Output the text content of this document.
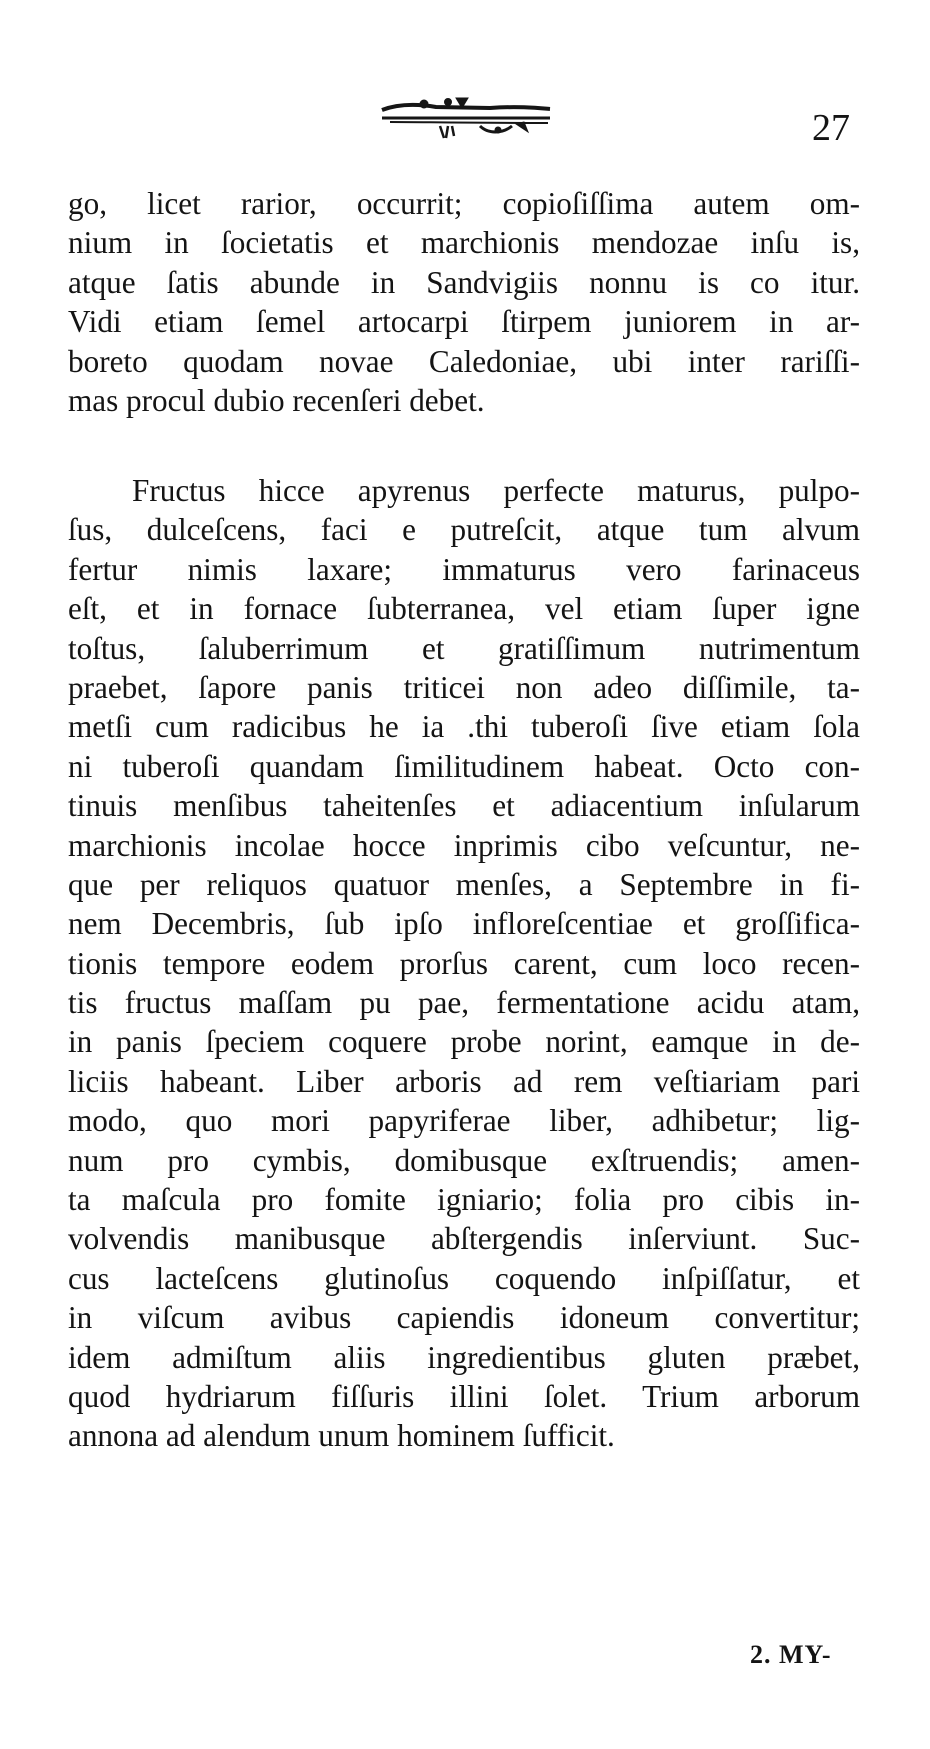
27
go, licet rarior, occurrit; copioſiſſima autem om-
nium in ſocietatis et marchionis mendozae inſu is,
atque ſatis abunde in Sandvigiis nonnu is co itur.
Vidi etiam ſemel artocarpi ſtirpem juniorem in ar-
boreto quodam novae Caledoniae, ubi inter rariſſi-
mas procul dubio recenſeri debet.
Fructus hicce apyrenus perfecte maturus, pulpo-
ſus, dulceſcens, faci e putreſcit, atque tum alvum
fertur nimis laxare; immaturus vero farinaceus
eſt, et in fornace ſubterranea, vel etiam ſuper igne
toſtus, ſaluberrimum et gratiſſimum nutrimentum
praebet, ſapore panis triticei non adeo diſſimile, ta-
metſi cum radicibus he ia .thi tuberoſi ſive etiam ſola
ni tuberoſi quandam ſimilitudinem habeat. Octo con-
tinuis menſibus taheitenſes et adiacentium inſularum
marchionis incolae hocce inprimis cibo veſcuntur, ne-
que per reliquos quatuor menſes, a Septembre in fi-
nem Decembris, ſub ipſo infloreſcentiae et groſſifica-
tionis tempore eodem prorſus carent, cum loco recen-
tis fructus maſſam pu pae, fermentatione acidu atam,
in panis ſpeciem coquere probe norint, eamque in de-
liciis habeant. Liber arboris ad rem veſtiariam pari
modo, quo mori papyriferae liber, adhibetur; lig-
num pro cymbis, domibusque exſtruendis; amen-
ta maſcula pro fomite igniario; folia pro cibis in-
volvendis manibusque abſtergendis inſerviunt. Suc-
cus lacteſcens glutinoſus coquendo inſpiſſatur, et
in viſcum avibus capiendis idoneum convertitur;
idem admiſtum aliis ingredientibus gluten præbet,
quod hydriarum fiſſuris illini ſolet. Trium arborum
annona ad alendum unum hominem ſufficit.
2. MY-
